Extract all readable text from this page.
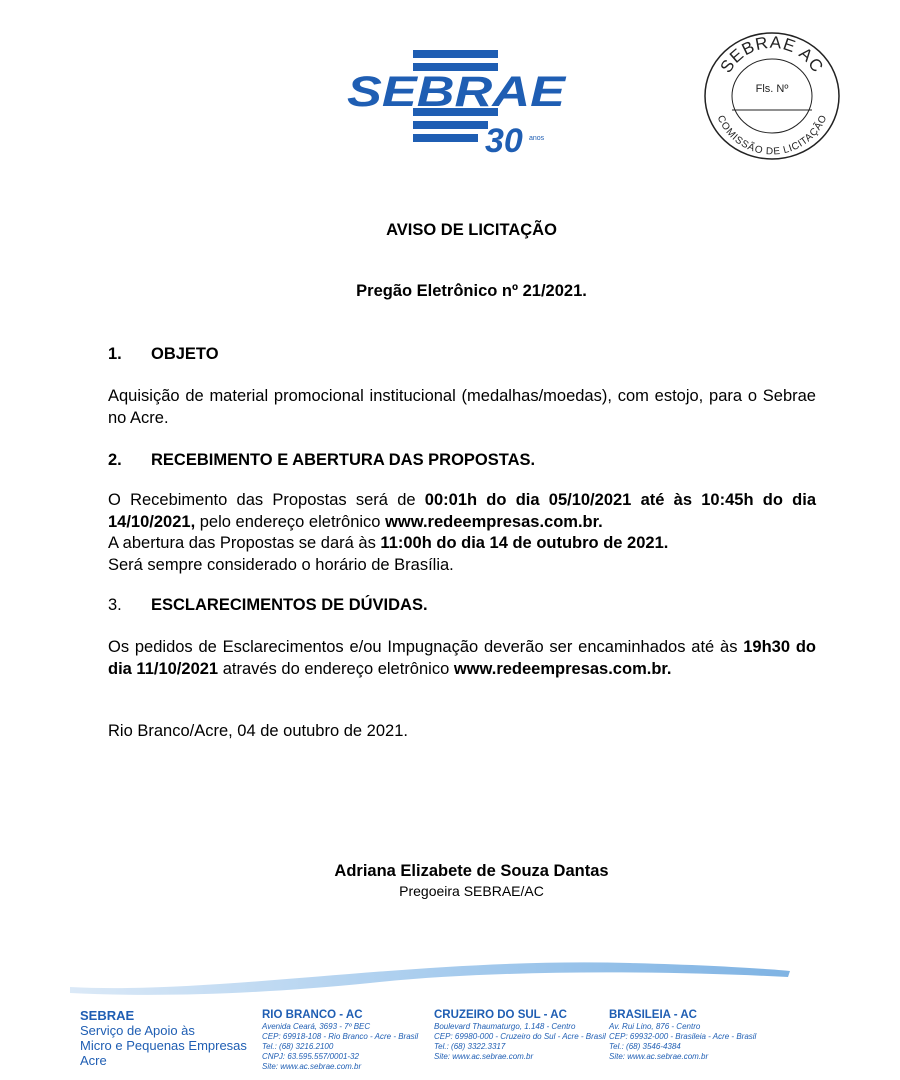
SEBRAE
30 anos
SEBRAE AC
COMISSÃO DE LICITAÇÃO
Fls. Nº
AVISO DE LICITAÇÃO
Pregão Eletrônico nº 21/2021.
1. OBJETO
Aquisição de material promocional institucional (medalhas/moedas), com estojo, para o Sebrae no Acre.
2. RECEBIMENTO E ABERTURA DAS PROPOSTAS.
O Recebimento das Propostas será de 00:01h do dia 05/10/2021 até às 10:45h do dia 14/10/2021, pelo endereço eletrônico www.redeempresas.com.br.
A abertura das Propostas se dará às 11:00h do dia 14 de outubro de 2021.
Será sempre considerado o horário de Brasília.
3. ESCLARECIMENTOS DE DÚVIDAS.
Os pedidos de Esclarecimentos e/ou Impugnação deverão ser encaminhados até às 19h30 do dia 11/10/2021 através do endereço eletrônico www.redeempresas.com.br.
Rio Branco/Acre, 04 de outubro de 2021.
Adriana Elizabete de Souza Dantas
Pregoeira SEBRAE/AC
SEBRAE
Serviço de Apoio às
Micro e Pequenas Empresas
Acre
RIO BRANCO - AC
Avenida Ceará, 3693 - 7º BEC
CEP: 69918-108 - Rio Branco - Acre - Brasil
Tel.: (68) 3216.2100
CNPJ: 63.595.557/0001-32
Site: www.ac.sebrae.com.br
CRUZEIRO DO SUL - AC
Boulevard Thaumaturgo, 1.148 - Centro
CEP: 69980-000 - Cruzeiro do Sul - Acre - Brasil
Tel.: (68) 3322.3317
Site: www.ac.sebrae.com.br
BRASILEIA - AC
Av. Rui Lino, 876 - Centro
CEP: 69932-000 - Brasileia - Acre - Brasil
Tel.: (68) 3546-4384
Site: www.ac.sebrae.com.br
